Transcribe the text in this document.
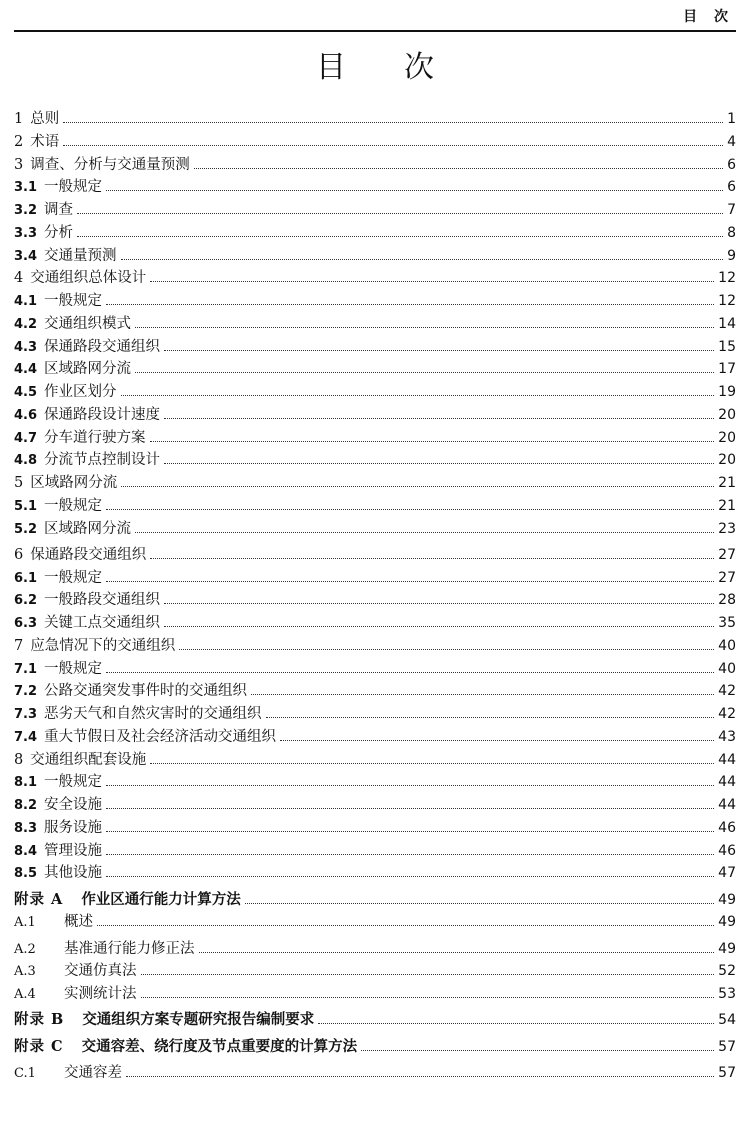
目 次
目次
1 总则	1
2 术语	4
3 调查、分析与交通量预测	6
3.1 一般规定	6
3.2 调查	7
3.3 分析	8
3.4 交通量预测	9
4 交通组织总体设计	12
4.1 一般规定	12
4.2 交通组织模式	14
4.3 保通路段交通组织	15
4.4 区域路网分流	17
4.5 作业区划分	19
4.6 保通路段设计速度	20
4.7 分车道行驶方案	20
4.8 分流节点控制设计	20
5 区域路网分流	21
5.1 一般规定	21
5.2 区域路网分流	23
6 保通路段交通组织	27
6.1 一般规定	27
6.2 一般路段交通组织	28
6.3 关键工点交通组织	35
7 应急情况下的交通组织	40
7.1 一般规定	40
7.2 公路交通突发事件时的交通组织	42
7.3 恶劣天气和自然灾害时的交通组织	42
7.4 重大节假日及社会经济活动交通组织	43
8 交通组织配套设施	44
8.1 一般规定	44
8.2 安全设施	44
8.3 服务设施	46
8.4 管理设施	46
8.5 其他设施	47
附录 A 作业区通行能力计算方法	49
A.1	概述	49
A.2	基准通行能力修正法	49
A.3	交通仿真法	52
A.4	实测统计法	53
附录 B 交通组织方案专题研究报告编制要求	54
附录 C 交通容差、绕行度及节点重要度的计算方法	57
C.1	交通容差	57
